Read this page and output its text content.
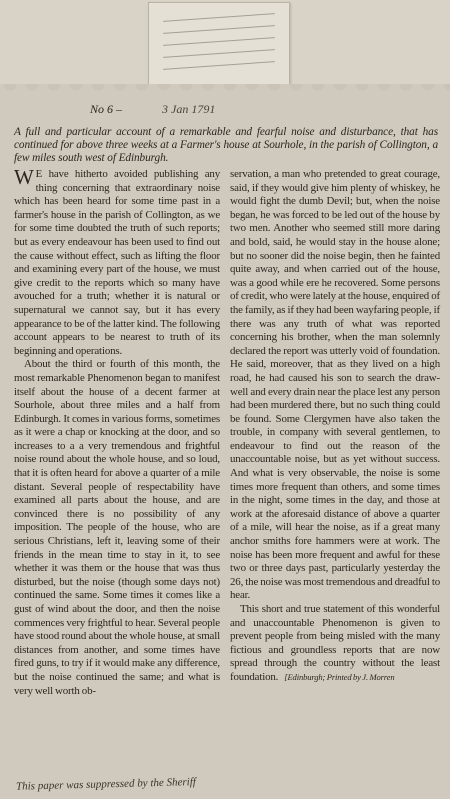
No 6 –	3 Jan 1791
A full and particular account of a remarkable and fearful noise and disturbance, that has continued for above three weeks at a Farmer's house at Sourhole, in the parish of Collington, a few miles south west of Edinburgh.

W E have hitherto avoided publishing any thing concerning that extraordinary noise which has been heard for some time past in a farmer's house in the parish of Collington, as we for some time doubted the truth of such reports; but as every endeavour has been used to find out the cause without effect, such as lifting the floor and examining every part of the house, we must give credit to the reports which so many have avouched for a truth; whether it is natural or supernatural we cannot say, but it has every appearance to be of the latter kind. The following account appears to be nearest to truth of its beginning and operations.

About the third or fourth of this month, the most remarkable Phenomenon began to manifest itself about the house of a decent farmer at Sourhole, about three miles and a half from Edinburgh. It comes in various forms, sometimes as it were a chap or knocking at the door, and so increases to a a very tremendous and frightful noise round about the whole house, and so loud, that it is often heard for above a quarter of a mile distant. Several people of respectability have examined all parts about the house, and are convinced there is no possibility of any imposition. The people of the house, who are serious Christians, left it, leaving some of their friends in the mean time to stay in it, to see whether it was them or the house that was thus disturbed, but the noise (though some days not) continued the same. Some times it comes like a gust of wind about the door, and then the noise commences very frightful to hear. Several people have stood round about the whole house, at small distances from another, and some times have fired guns, to try if it would make any difference, but the noise continued the same; and what is very well worth ob-

servation, a man who pretended to great courage, said, if they would give him plenty of whiskey, he would fight the dumb Devil; but, when the noise began, he was forced to be led out of the house by two men. Another who seemed still more daring and bold, said, he would stay in the house alone; but no sooner did the noise begin, then he fainted quite away, and when carried out of the house, was a good while ere he recovered. Some persons of credit, who were lately at the house, enquired of the family, as if they had been wayfaring people, if there was any truth of what was reported concerning his brother, when the man solemnly declared the report was utterly void of foundation. He said, moreover, that as they lived on a high road, he had caused his son to search the draw-well and every drain near the place lest any person had been murdered there, but no such thing could be found. Some Clergymen have also taken the trouble, in company with several gentlemen, to endeavour to find out the reason of the unaccountable noise, but as yet without success. And what is very observable, the noise is some times more frequent than others, and some times in the night, some times in the day, and those at work at the aforesaid distance of above a quarter of a mile, will hear the noise, as if a great many anchor smiths fore hammers were at work. The noise has been more frequent and awful for these two or three days past, particularly yesterday the 26, the noise was most tremendous and dreadful to hear.

This short and true statement of this wonderful and unaccountable Phenomenon is given to prevent people from being misled with the many fictious and groundless reports that are now spread through the country without the least foundation. [Edinburgh; Printed by J. Morren

This paper was suppressed by the Sheriff
